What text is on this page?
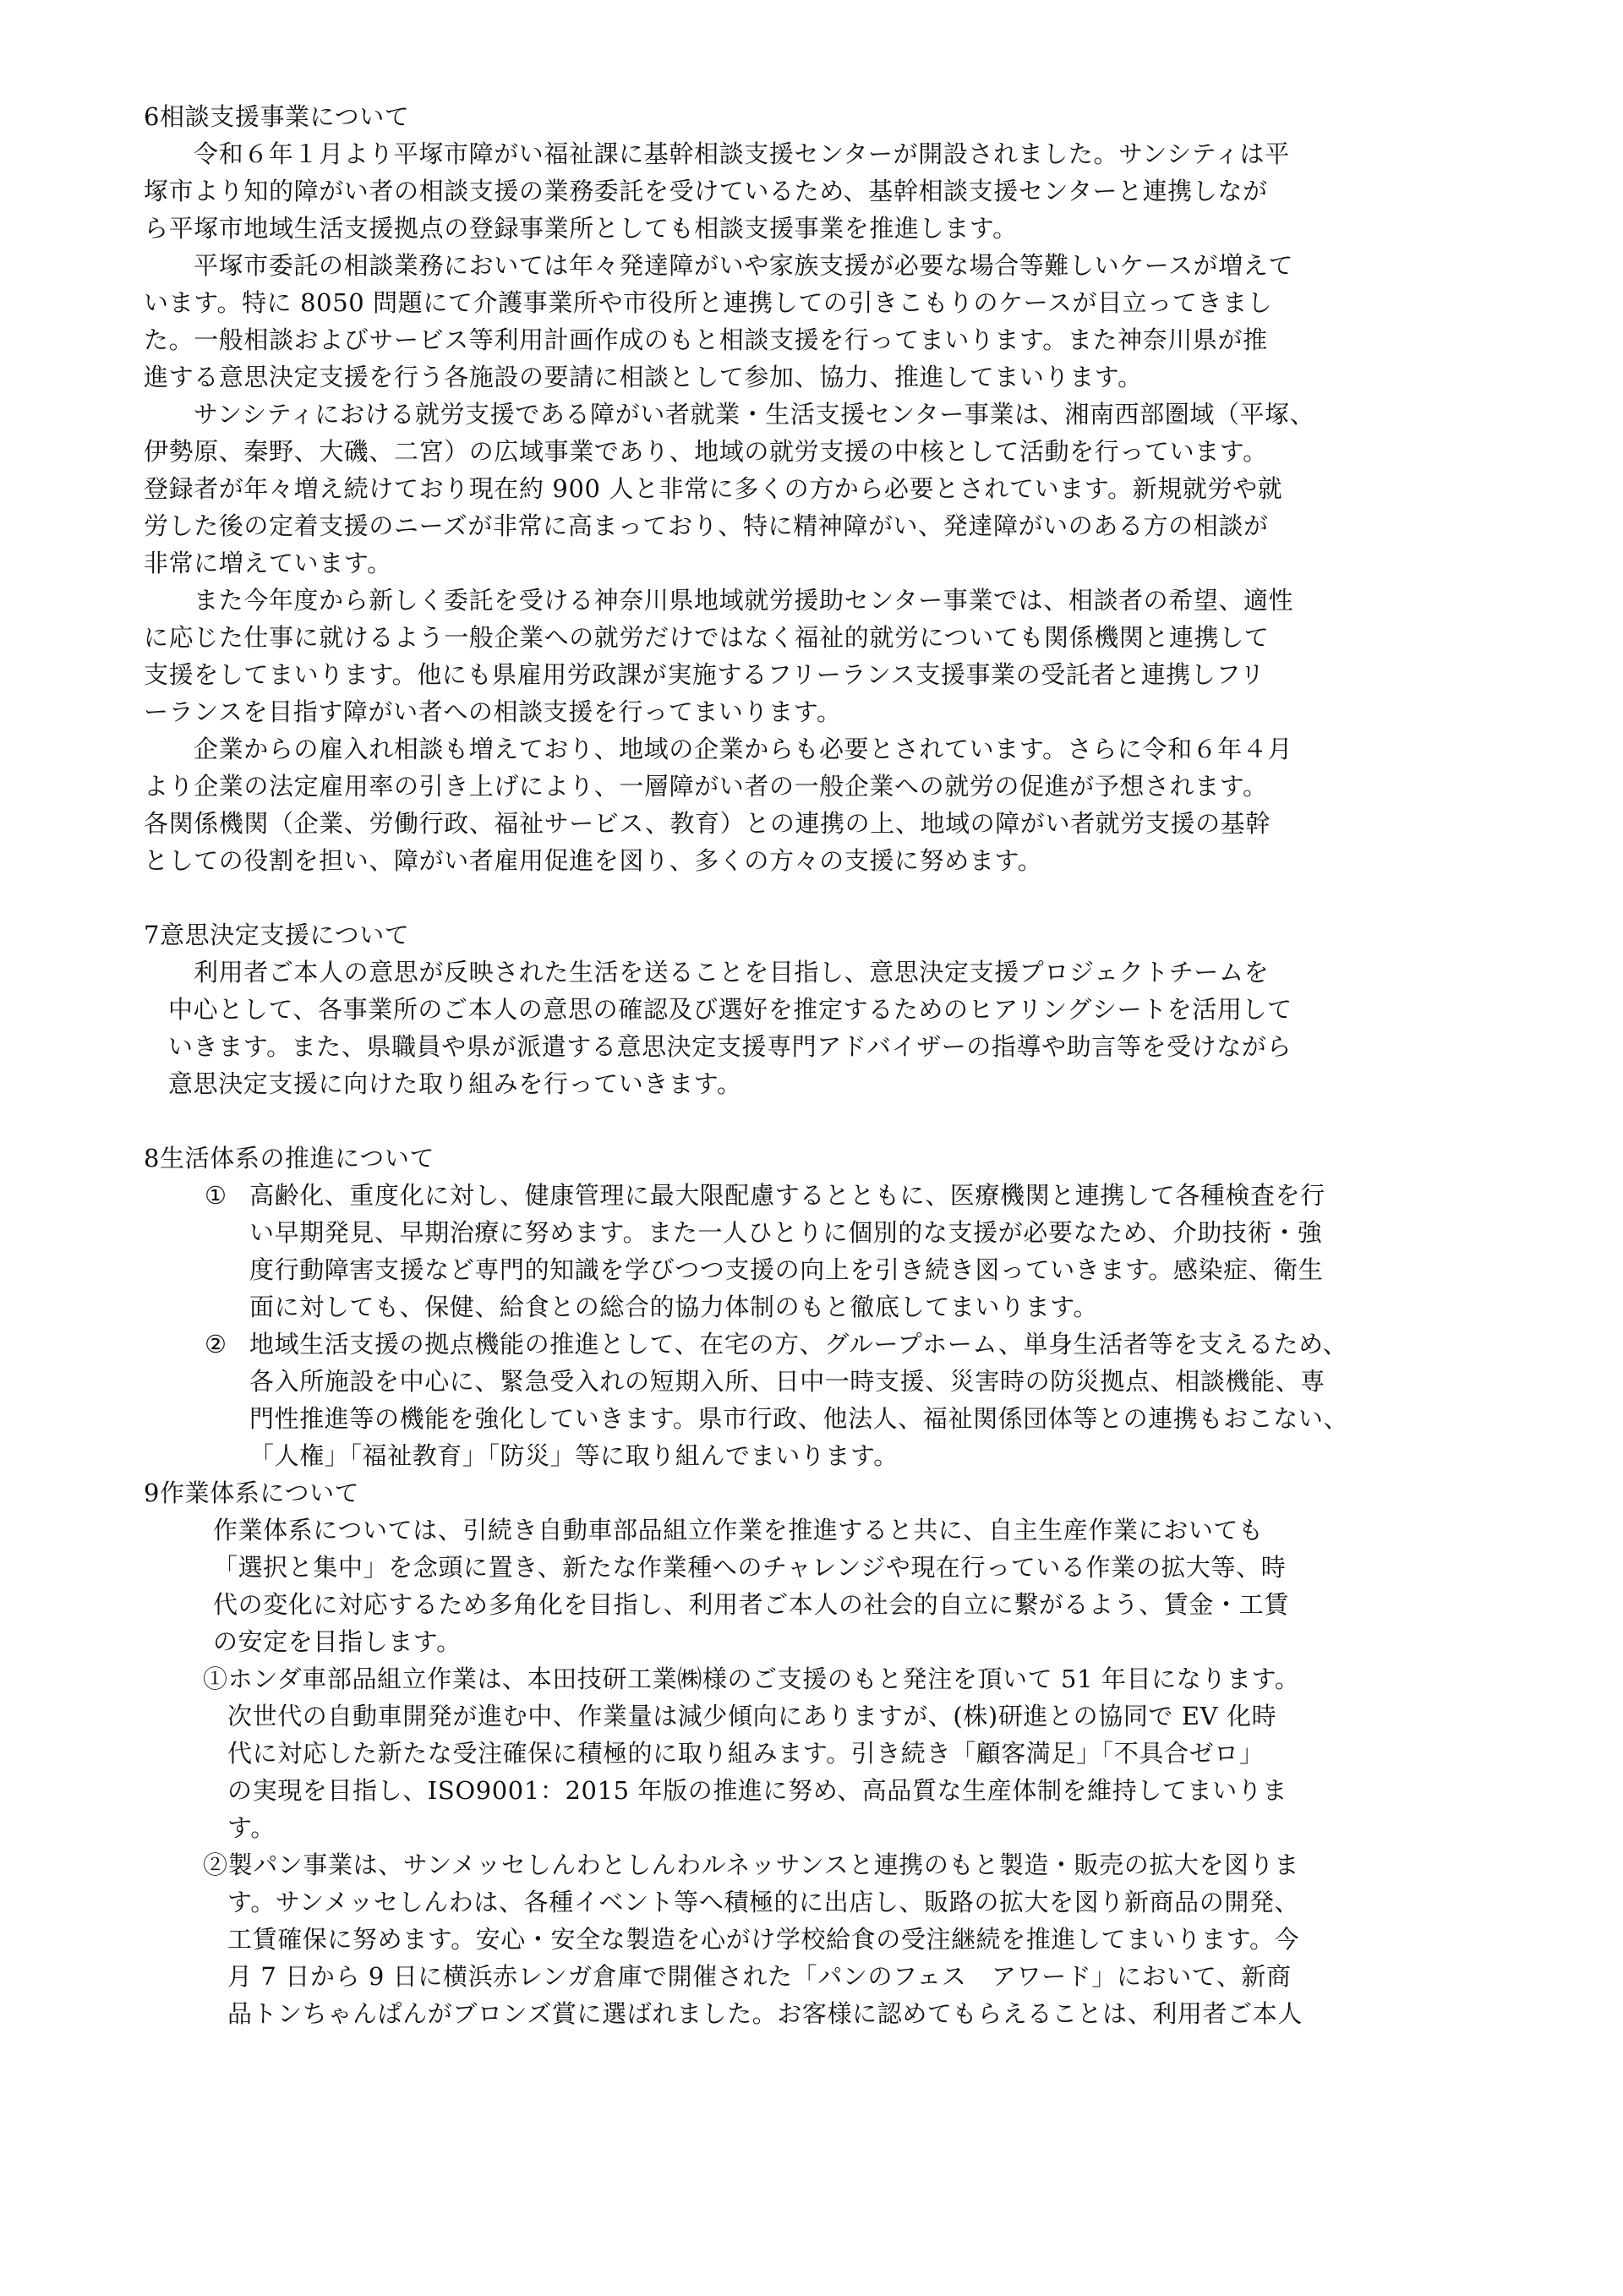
6相談支援事業について
令和６年１月より平塚市障がい福祉課に基幹相談支援センターが開設されました。サンシティは平
塚市より知的障がい者の相談支援の業務委託を受けているため、基幹相談支援センターと連携しなが
ら平塚市地域生活支援拠点の登録事業所としても相談支援事業を推進します。
平塚市委託の相談業務においては年々発達障がいや家族支援が必要な場合等難しいケースが増えて
います。特に 8050 問題にて介護事業所や市役所と連携しての引きこもりのケースが目立ってきまし
た。一般相談およびサービス等利用計画作成のもと相談支援を行ってまいります。また神奈川県が推
進する意思決定支援を行う各施設の要請に相談として参加、協力、推進してまいります。
サンシティにおける就労支援である障がい者就業・生活支援センター事業は、湘南西部圏域（平塚、
伊勢原、秦野、大磯、二宮）の広域事業であり、地域の就労支援の中核として活動を行っています。
登録者が年々増え続けており現在約 900 人と非常に多くの方から必要とされています。新規就労や就
労した後の定着支援のニーズが非常に高まっており、特に精神障がい、発達障がいのある方の相談が
非常に増えています。
また今年度から新しく委託を受ける神奈川県地域就労援助センター事業では、相談者の希望、適性
に応じた仕事に就けるよう一般企業への就労だけではなく福祉的就労についても関係機関と連携して
支援をしてまいります。他にも県雇用労政課が実施するフリーランス支援事業の受託者と連携しフリ
ーランスを目指す障がい者への相談支援を行ってまいります。
企業からの雇入れ相談も増えており、地域の企業からも必要とされています。さらに令和６年４月
より企業の法定雇用率の引き上げにより、一層障がい者の一般企業への就労の促進が予想されます。
各関係機関（企業、労働行政、福祉サービス、教育）との連携の上、地域の障がい者就労支援の基幹
としての役割を担い、障がい者雇用促進を図り、多くの方々の支援に努めます。
7意思決定支援について
利用者ご本人の意思が反映された生活を送ることを目指し、意思決定支援プロジェクトチームを
中心として、各事業所のご本人の意思の確認及び選好を推定するためのヒアリングシートを活用して
いきます。また、県職員や県が派遣する意思決定支援専門アドバイザーの指導や助言等を受けながら
意思決定支援に向けた取り組みを行っていきます。
8生活体系の推進について
① 高齢化、重度化に対し、健康管理に最大限配慮するとともに、医療機関と連携して各種検査を行
い早期発見、早期治療に努めます。また一人ひとりに個別的な支援が必要なため、介助技術・強
度行動障害支援など専門的知識を学びつつ支援の向上を引き続き図っていきます。感染症、衛生
面に対しても、保健、給食との総合的協力体制のもと徹底してまいります。
② 地域生活支援の拠点機能の推進として、在宅の方、グループホーム、単身生活者等を支えるため、
各入所施設を中心に、緊急受入れの短期入所、日中一時支援、災害時の防災拠点、相談機能、専
門性推進等の機能を強化していきます。県市行政、他法人、福祉関係団体等との連携もおこない、
「人権」「福祉教育」「防災」等に取り組んでまいります。
9作業体系について
作業体系については、引続き自動車部品組立作業を推進すると共に、自主生産作業においても
「選択と集中」を念頭に置き、新たな作業種へのチャレンジや現在行っている作業の拡大等、時
代の変化に対応するため多角化を目指し、利用者ご本人の社会的自立に繋がるよう、賃金・工賃
の安定を目指します。
①ホンダ車部品組立作業は、本田技研工業㈱様のご支援のもと発注を頂いて 51 年目になります。
次世代の自動車開発が進む中、作業量は減少傾向にありますが、(株)研進との協同で EV 化時
代に対応した新たな受注確保に積極的に取り組みます。引き続き「顧客満足」「不具合ゼロ」
の実現を目指し、ISO9001：2015 年版の推進に努め、高品質な生産体制を維持してまいりま
す。
②製パン事業は、サンメッセしんわとしんわルネッサンスと連携のもと製造・販売の拡大を図りま
す。サンメッセしんわは、各種イベント等へ積極的に出店し、販路の拡大を図り新商品の開発、
工賃確保に努めます。安心・安全な製造を心がけ学校給食の受注継続を推進してまいります。今
月 7 日から 9 日に横浜赤レンガ倉庫で開催された「パンのフェス　アワード」において、新商
品トンちゃんぱんがブロンズ賞に選ばれました。お客様に認めてもらえることは、利用者ご本人
